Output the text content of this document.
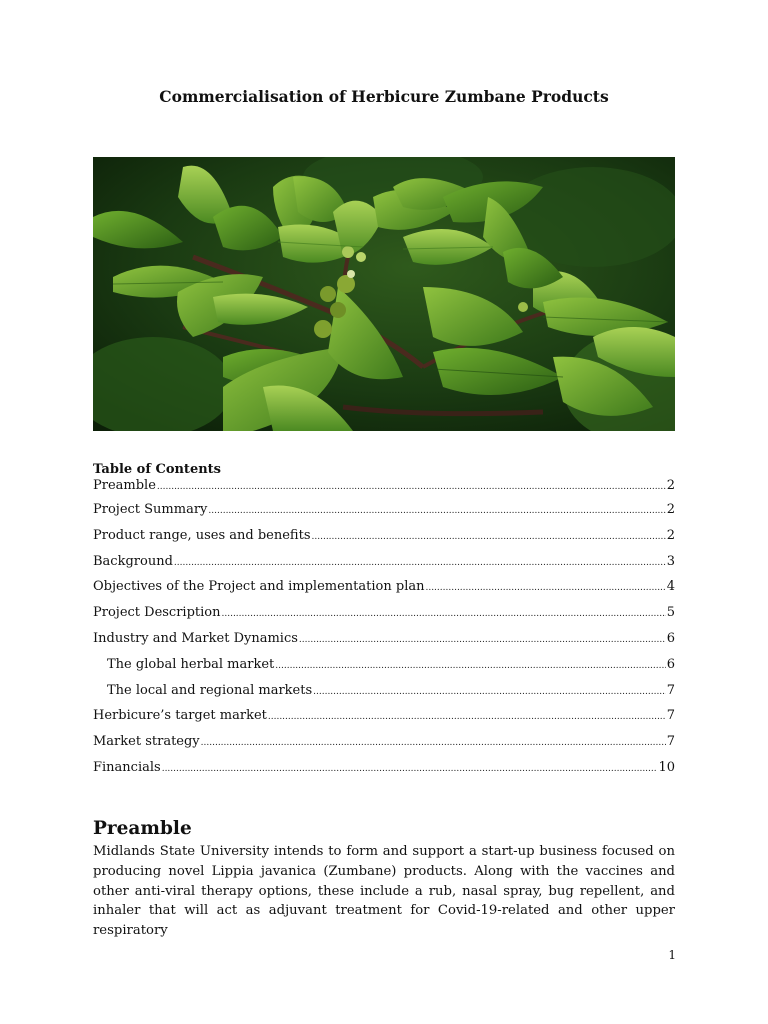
Commercialisation of Herbicure Zumbane Products
Table of Contents
Preamble .....	2
Project Summary .....	2
Product range, uses and benefits .....	2
Background .....	3
Objectives of the Project and implementation plan .....	4
Project Description .....	5
Industry and Market Dynamics .....	6
The global herbal market .....	6
The local and regional markets .....	7
Herbicure’s target market .....	7
Market strategy .....	7
Financials .....	10
Preamble

Midlands State University intends to form and support a start-up business focused on producing novel Lippia javanica (Zumbane) products. Along with the vaccines and other anti-viral therapy options, these include a rub, nasal spray, bug repellent, and inhaler that will act as adjuvant treatment for Covid-19-related and other upper respiratory

1
